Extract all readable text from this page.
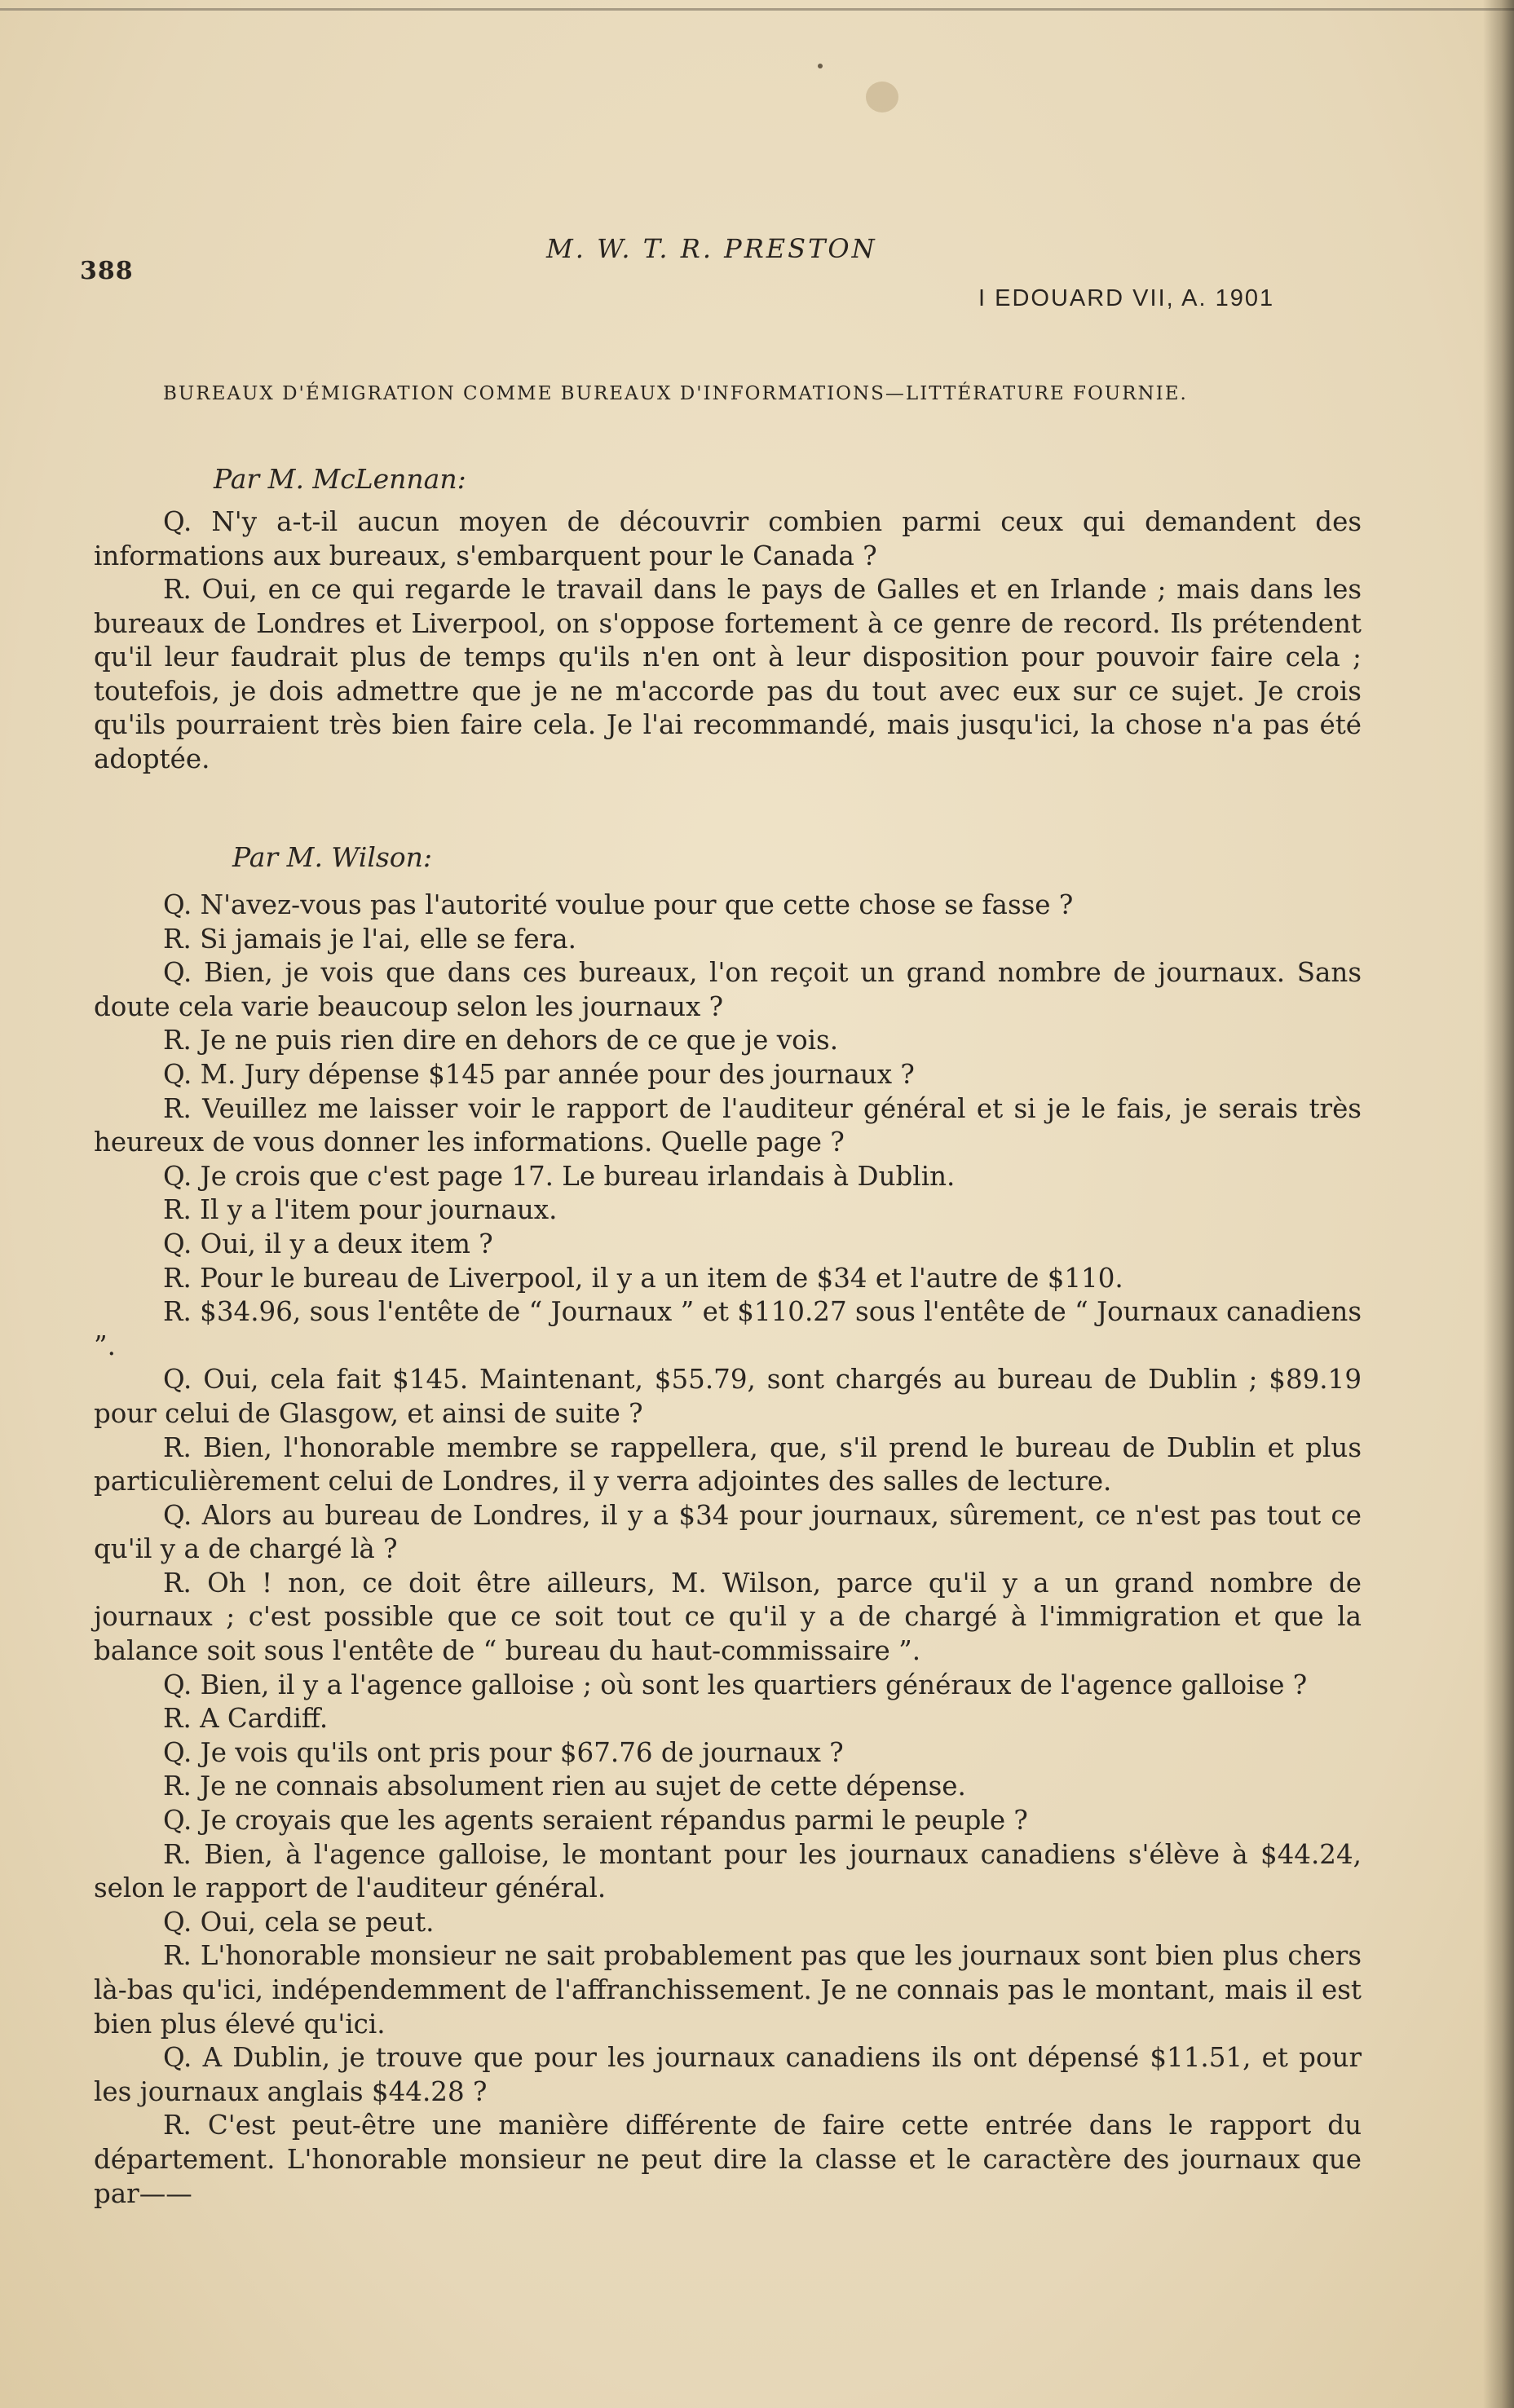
388
M. W. T. R. PRESTON
I EDOUARD VII, A. 1901
BUREAUX D'ÉMIGRATION COMME BUREAUX D'INFORMATIONS—LITTÉRATURE FOURNIE.
Par M. McLennan:

Q. N'y a-t-il aucun moyen de découvrir combien parmi ceux qui demandent des informations aux bureaux, s'embarquent pour le Canada ?

R. Oui, en ce qui regarde le travail dans le pays de Galles et en Irlande ; mais dans les bureaux de Londres et Liverpool, on s'oppose fortement à ce genre de record. Ils prétendent qu'il leur faudrait plus de temps qu'ils n'en ont à leur disposition pour pouvoir faire cela ; toutefois, je dois admettre que je ne m'accorde pas du tout avec eux sur ce sujet. Je crois qu'ils pourraient très bien faire cela. Je l'ai recommandé, mais jusqu'ici, la chose n'a pas été adoptée.

Par M. Wilson:

Q. N'avez-vous pas l'autorité voulue pour que cette chose se fasse ?

R. Si jamais je l'ai, elle se fera.

Q. Bien, je vois que dans ces bureaux, l'on reçoit un grand nombre de journaux. Sans doute cela varie beaucoup selon les journaux ?

R. Je ne puis rien dire en dehors de ce que je vois.

Q. M. Jury dépense $145 par année pour des journaux ?

R. Veuillez me laisser voir le rapport de l'auditeur général et si je le fais, je serais très heureux de vous donner les informations. Quelle page ?

Q. Je crois que c'est page 17. Le bureau irlandais à Dublin.

R. Il y a l'item pour journaux.

Q. Oui, il y a deux item ?

R. Pour le bureau de Liverpool, il y a un item de $34 et l'autre de $110.

R. $34.96, sous l'entête de “ Journaux ” et $110.27 sous l'entête de “ Journaux canadiens ”.

Q. Oui, cela fait $145. Maintenant, $55.79, sont chargés au bureau de Dublin ; $89.19 pour celui de Glasgow, et ainsi de suite ?

R. Bien, l'honorable membre se rappellera, que, s'il prend le bureau de Dublin et plus particulièrement celui de Londres, il y verra adjointes des salles de lecture.

Q. Alors au bureau de Londres, il y a $34 pour journaux, sûrement, ce n'est pas tout ce qu'il y a de chargé là ?

R. Oh ! non, ce doit être ailleurs, M. Wilson, parce qu'il y a un grand nombre de journaux ; c'est possible que ce soit tout ce qu'il y a de chargé à l'immigration et que la balance soit sous l'entête de “ bureau du haut-commissaire ”.

Q. Bien, il y a l'agence galloise ; où sont les quartiers généraux de l'agence galloise ?

R. A Cardiff.

Q. Je vois qu'ils ont pris pour $67.76 de journaux ?

R. Je ne connais absolument rien au sujet de cette dépense.

Q. Je croyais que les agents seraient répandus parmi le peuple ?

R. Bien, à l'agence galloise, le montant pour les journaux canadiens s'élève à $44.24, selon le rapport de l'auditeur général.

Q. Oui, cela se peut.

R. L'honorable monsieur ne sait probablement pas que les journaux sont bien plus chers là-bas qu'ici, indépendemment de l'affranchissement. Je ne connais pas le montant, mais il est bien plus élevé qu'ici.

Q. A Dublin, je trouve que pour les journaux canadiens ils ont dépensé $11.51, et pour les journaux anglais $44.28 ?

R. C'est peut-être une manière différente de faire cette entrée dans le rapport du département. L'honorable monsieur ne peut dire la classe et le caractère des journaux que par——
